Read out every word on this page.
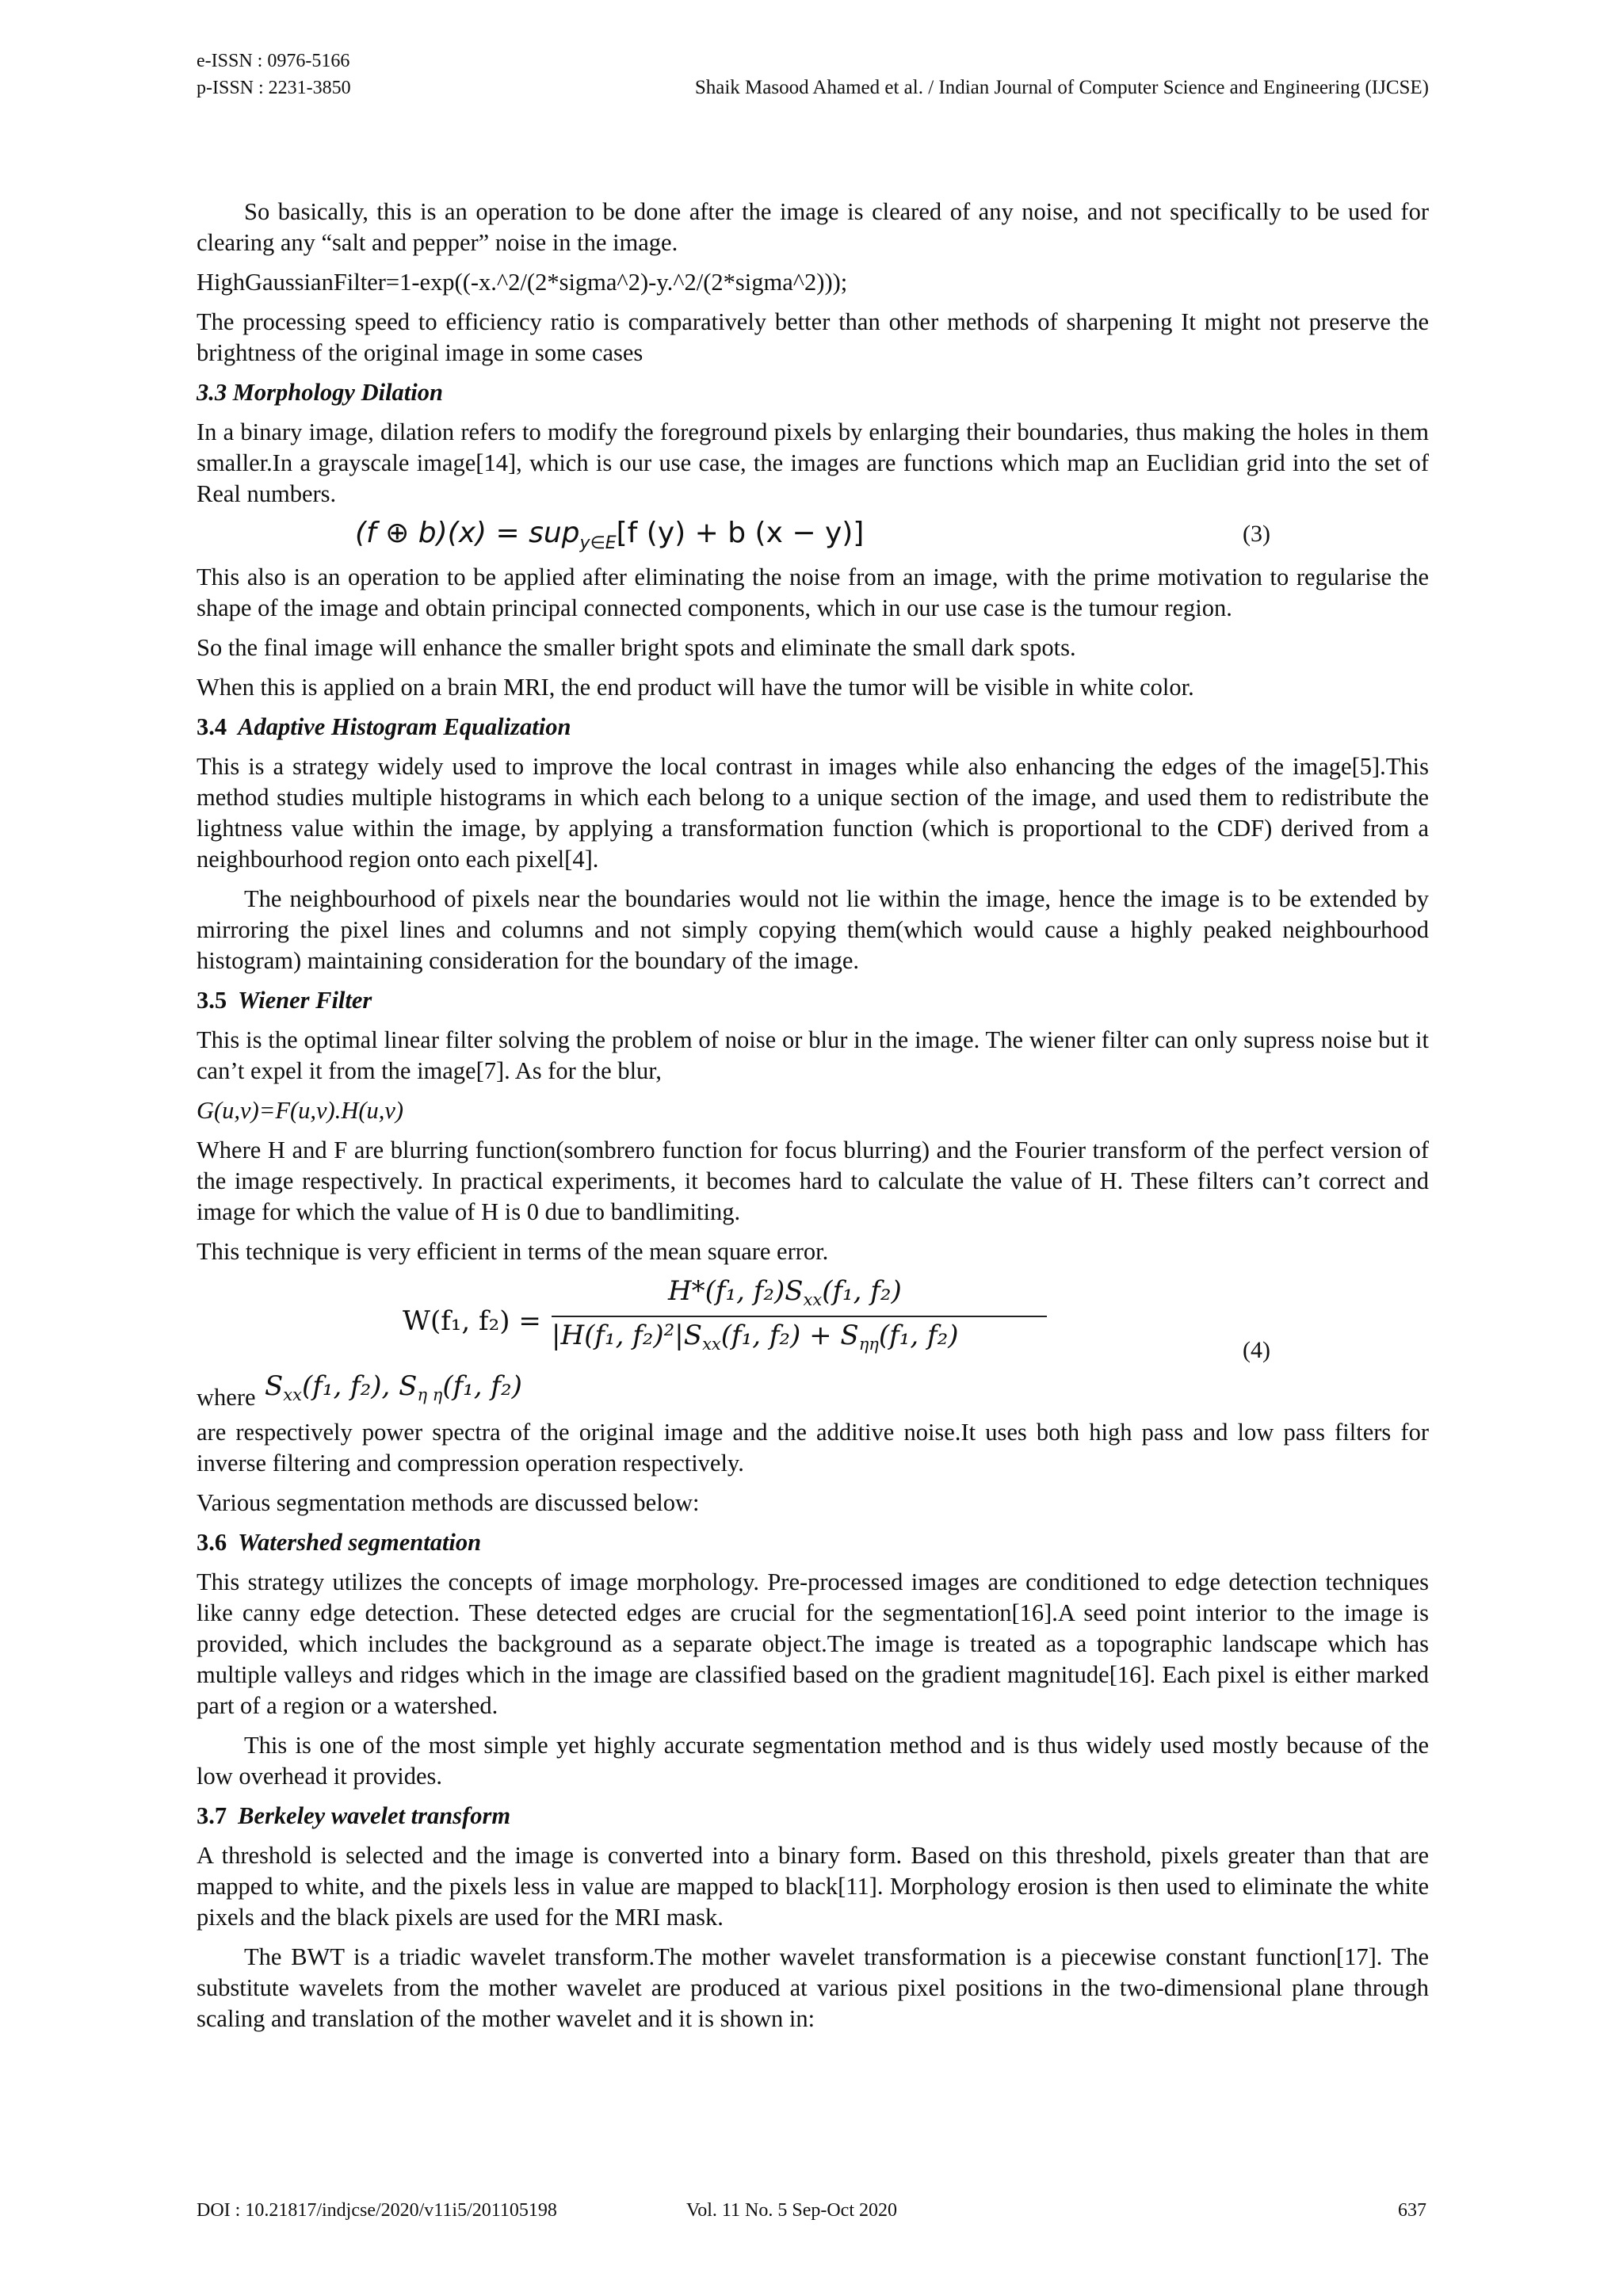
e-ISSN : 0976-5166
p-ISSN : 2231-3850	Shaik Masood Ahamed et al. / Indian Journal of Computer Science and Engineering (IJCSE)

So basically, this is an operation to be done after the image is cleared of any noise, and not specifically to be used for clearing any “salt and pepper” noise in the image.

HighGaussianFilter=1-exp((-x.^2/(2*sigma^2)-y.^2/(2*sigma^2)));

The processing speed to efficiency ratio is comparatively better than other methods of sharpening It might not preserve the brightness of the original image in some cases

3.3 Morphology Dilation

In a binary image, dilation refers to modify the foreground pixels by enlarging their boundaries, thus making the holes in them smaller.In a grayscale image[14], which is our use case, the images are functions which map an Euclidian grid into the set of Real numbers.

(f ⊕ b)(x) = sup$_{y\in E}$[f (y) + b (x − y)]	(3)

This also is an operation to be applied after eliminating the noise from an image, with the prime motivation to regularise the shape of the image and obtain principal connected components, which in our use case is the tumour region.

So the final image will enhance the smaller bright spots and eliminate the small dark spots.

When this is applied on a brain MRI, the end product will have the tumor will be visible in white color.

3.4 Adaptive Histogram Equalization

This is a strategy widely used to improve the local contrast in images while also enhancing the edges of the image[5].This method studies multiple histograms in which each belong to a unique section of the image, and used them to redistribute the lightness value within the image, by applying a transformation function (which is proportional to the CDF) derived from a neighbourhood region onto each pixel[4].

The neighbourhood of pixels near the boundaries would not lie within the image, hence the image is to be extended by mirroring the pixel lines and columns and not simply copying them(which would cause a highly peaked neighbourhood histogram) maintaining consideration for the boundary of the image.

3.5 Wiener Filter

This is the optimal linear filter solving the problem of noise or blur in the image. The wiener filter can only supress noise but it can’t expel it from the image[7]. As for the blur,

G(u,v)=F(u,v).H(u,v)

Where H and F are blurring function(sombrero function for focus blurring) and the Fourier transform of the perfect version of the image respectively. In practical experiments, it becomes hard to calculate the value of H. These filters can’t correct and image for which the value of H is 0 due to bandlimiting.

This technique is very efficient in terms of the mean square error.

W(f₁, f₂) =
H*(f₁, $f_2)S_{xx}(f_1$, f₂)
|H(f₁, $f_2)^2|S_{xx}(f_1$, $f_2) + S_{\eta\eta}(f_1$, f₂)	(4)
where $S_{xx}(f_1$, f₂), $S_{\eta \eta}(f_1$, f₂)

are respectively power spectra of the original image and the additive noise.It uses both high pass and low pass filters for inverse filtering and compression operation respectively.

Various segmentation methods are discussed below:

3.6 Watershed segmentation

This strategy utilizes the concepts of image morphology. Pre-processed images are conditioned to edge detection techniques like canny edge detection. These detected edges are crucial for the segmentation[16].A seed point interior to the image is provided, which includes the background as a separate object.The image is treated as a topographic landscape which has multiple valleys and ridges which in the image are classified based on the gradient magnitude[16]. Each pixel is either marked part of a region or a watershed.

This is one of the most simple yet highly accurate segmentation method and is thus widely used mostly because of the low overhead it provides.

3.7 Berkeley wavelet transform

A threshold is selected and the image is converted into a binary form. Based on this threshold, pixels greater than that are mapped to white, and the pixels less in value are mapped to black[11]. Morphology erosion is then used to eliminate the white pixels and the black pixels are used for the MRI mask.

The BWT is a triadic wavelet transform.The mother wavelet transformation is a piecewise constant function[17]. The substitute wavelets from the mother wavelet are produced at various pixel positions in the two-dimensional plane through scaling and translation of the mother wavelet and it is shown in:

DOI : 10.21817/indjcse/2020/v11i5/201105198	Vol. 11 No. 5 Sep-Oct 2020	637
